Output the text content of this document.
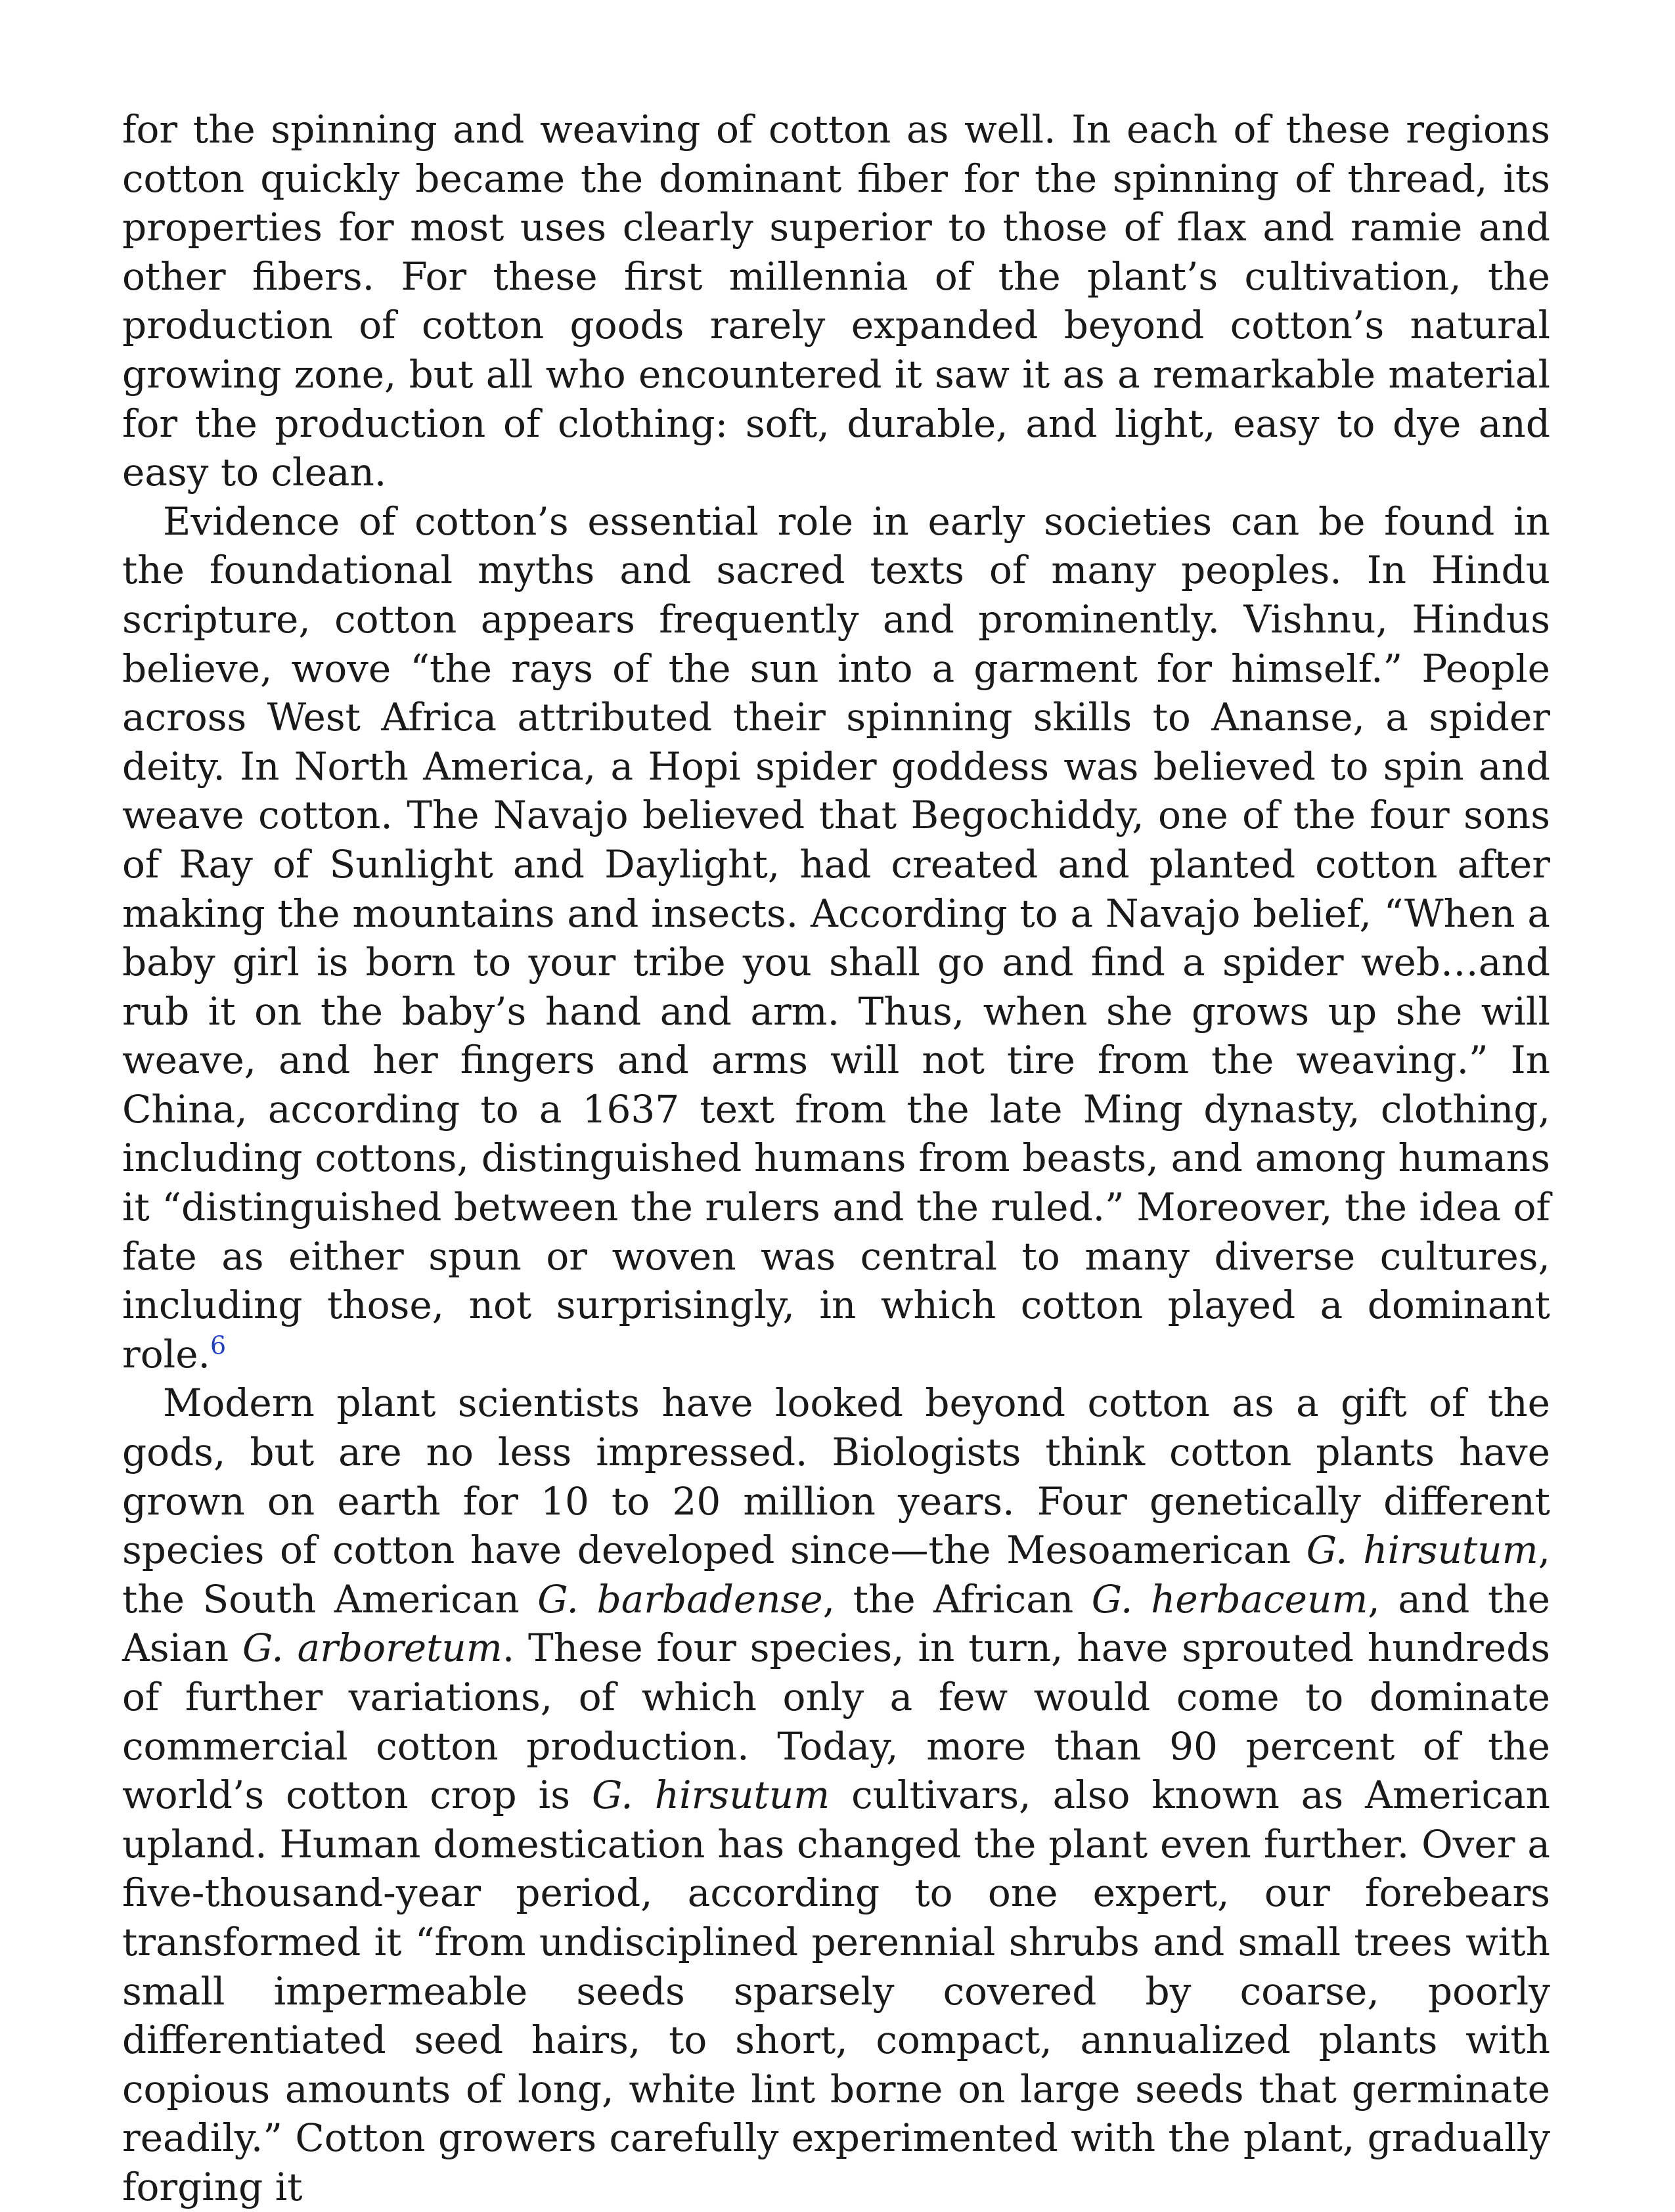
for the spinning and weaving of cotton as well. In each of these regions cotton quickly became the dominant fiber for the spinning of thread, its properties for most uses clearly superior to those of flax and ramie and other fibers. For these first millennia of the plant’s cultivation, the production of cotton goods rarely expanded beyond cotton’s natural growing zone, but all who encountered it saw it as a remarkable material for the production of clothing: soft, durable, and light, easy to dye and easy to clean.

Evidence of cotton’s essential role in early societies can be found in the foundational myths and sacred texts of many peoples. In Hindu scripture, cotton appears frequently and prominently. Vishnu, Hindus believe, wove “the rays of the sun into a garment for himself.” People across West Africa attributed their spinning skills to Ananse, a spider deity. In North America, a Hopi spider goddess was believed to spin and weave cotton. The Navajo believed that Begochiddy, one of the four sons of Ray of Sunlight and Daylight, had created and planted cotton after making the mountains and insects. According to a Navajo belief, “When a baby girl is born to your tribe you shall go and find a spider web…and rub it on the baby’s hand and arm. Thus, when she grows up she will weave, and her fingers and arms will not tire from the weaving.” In China, according to a 1637 text from the late Ming dynasty, clothing, including cottons, distinguished humans from beasts, and among humans it “distinguished between the rulers and the ruled.” Moreover, the idea of fate as either spun or woven was central to many diverse cultures, including those, not surprisingly, in which cotton played a dominant role.$^6$

Modern plant scientists have looked beyond cotton as a gift of the gods, but are no less impressed. Biologists think cotton plants have grown on earth for 10 to 20 million years. Four genetically different species of cotton have developed since—the Mesoamerican G. hirsutum, the South American G. barbadense, the African G. herbaceum, and the Asian G. arboretum. These four species, in turn, have sprouted hundreds of further variations, of which only a few would come to dominate commercial cotton production. Today, more than 90 percent of the world’s cotton crop is G. hirsutum cultivars, also known as American upland. Human domestication has changed the plant even further. Over a five-thousand-year period, according to one expert, our forebears transformed it “from undisciplined perennial shrubs and small trees with small impermeable seeds sparsely covered by coarse, poorly differentiated seed hairs, to short, compact, annualized plants with copious amounts of long, white lint borne on large seeds that germinate readily.” Cotton growers carefully experimented with the plant, gradually forging it
